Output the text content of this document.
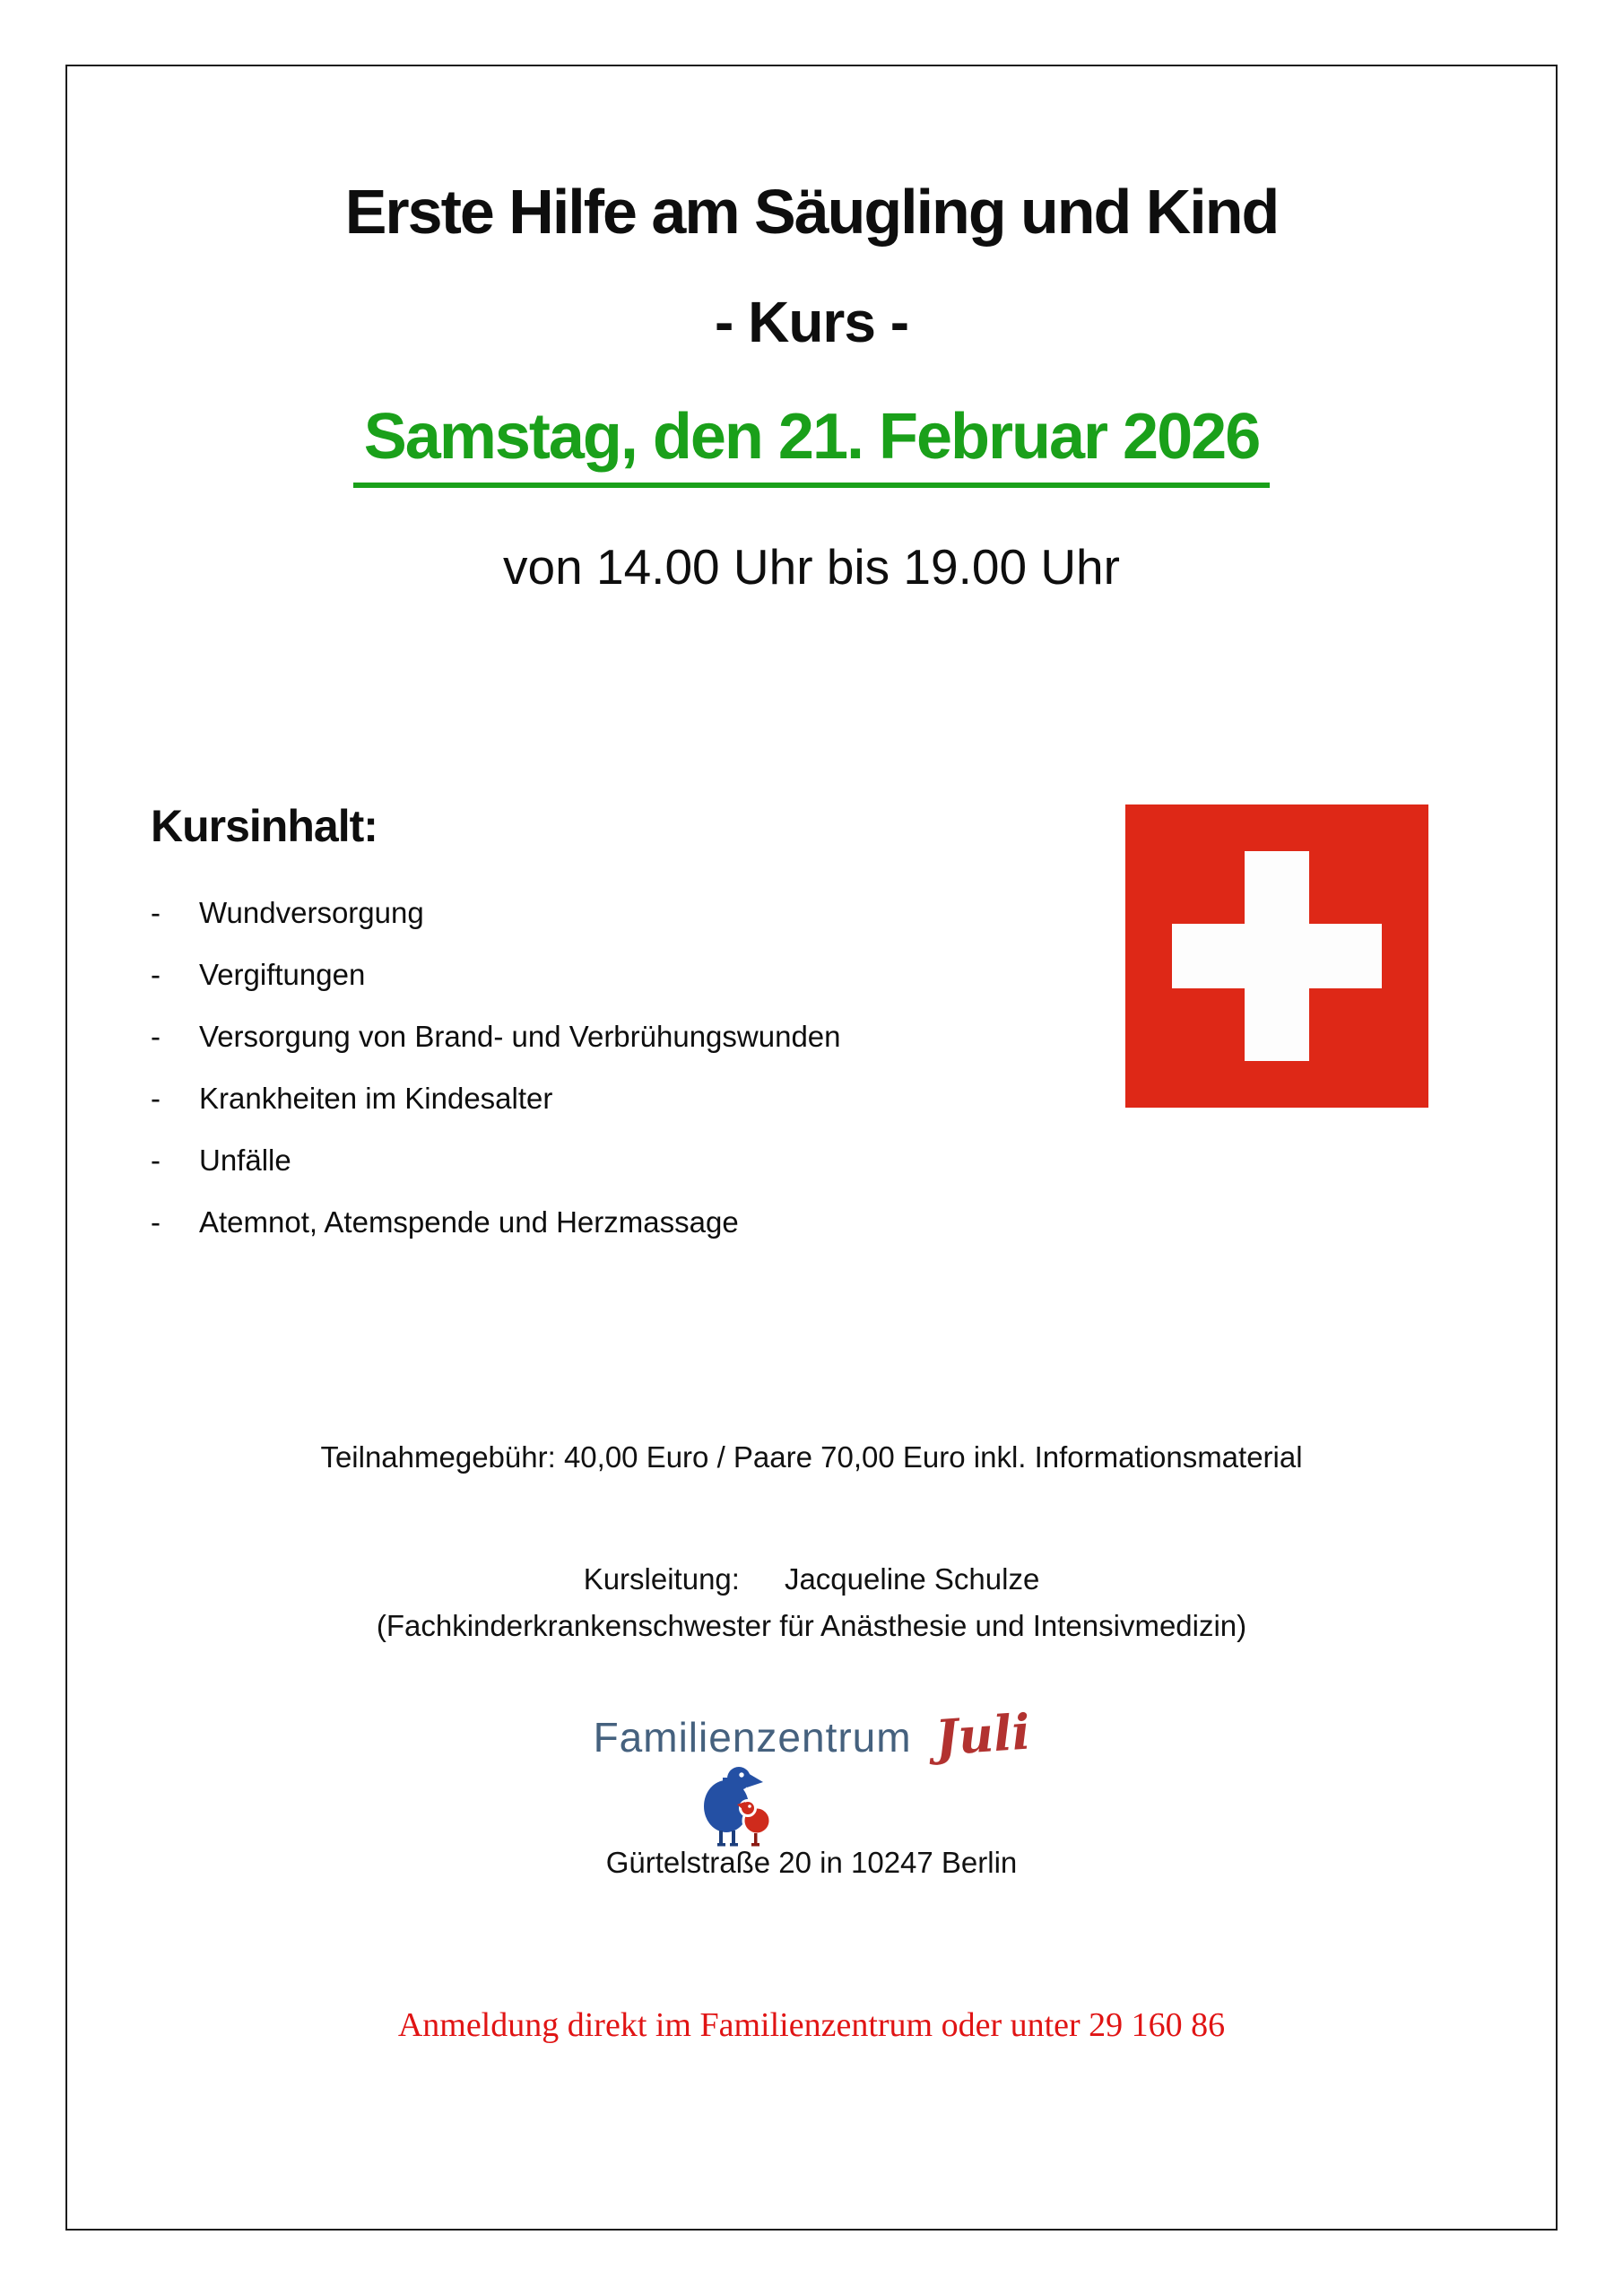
Erste Hilfe am Säugling und Kind
- Kurs -
Samstag, den 21. Februar 2026
von 14.00 Uhr bis 19.00 Uhr
Kursinhalt:
-	Wundversorgung
-	Vergiftungen
-	Versorgung von Brand- und Verbrühungswunden
-	Krankheiten im Kindesalter
-	Unfälle
-	Atemnot, Atemspende und Herzmassage
Teilnahmegebühr: 40,00 Euro / Paare 70,00 Euro inkl. Informationsmaterial
Kursleitung: Jacqueline Schulze
(Fachkinderkrankenschwester für Anästhesie und Intensivmedizin)
Familienzentrum Juli
Gürtelstraße 20 in 10247 Berlin
Anmeldung direkt im Familienzentrum oder unter 29 160 86
